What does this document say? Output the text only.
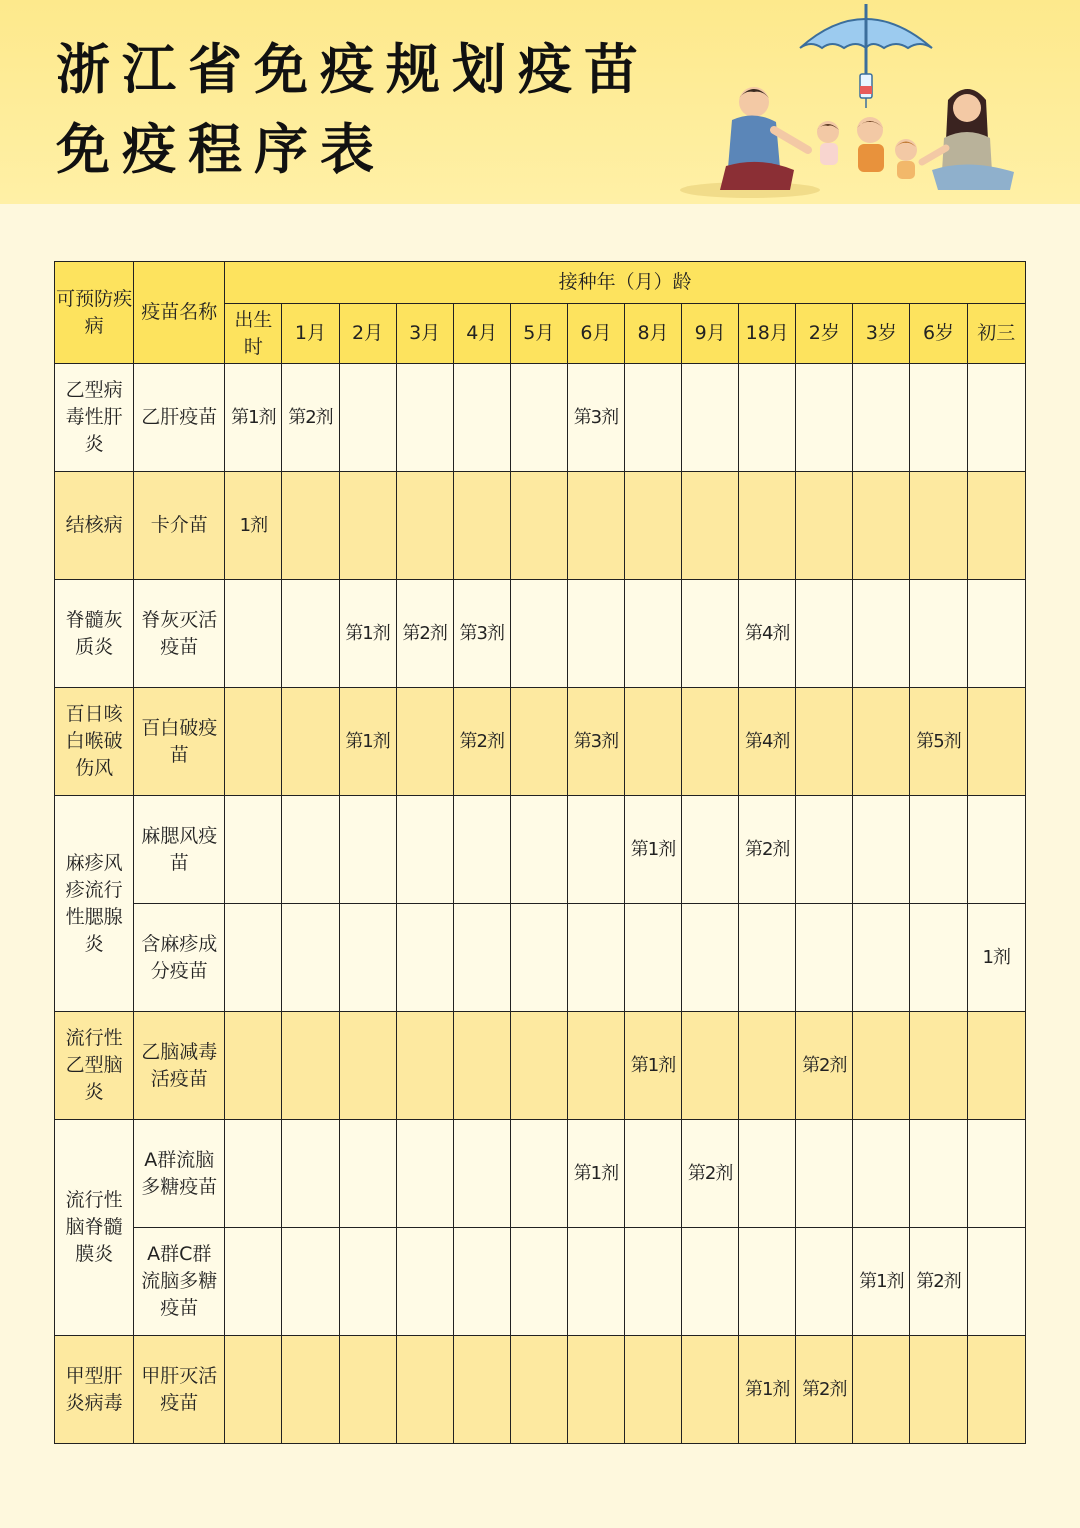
浙江省免疫规划疫苗
免疫程序表
可预防疾病	疫苗名称	接种年（月）龄													
		出生时	1月	2月	3月	4月	5月	6月	8月	9月	18月	2岁	3岁	6岁	初三
乙型病毒性肝炎	乙肝疫苗	第1剂	第2剂					第3剂							
结核病	卡介苗	1剂													
脊髓灰质炎	脊灰灭活疫苗			第1剂	第2剂	第3剂					第4剂				
百日咳白喉破伤风	百白破疫苗			第1剂		第2剂		第3剂			第4剂			第5剂	
麻疹风疹流行性腮腺炎	麻腮风疫苗								第1剂		第2剂				
	含麻疹成分疫苗														1剂
流行性乙型脑炎	乙脑减毒活疫苗								第1剂			第2剂			
流行性脑脊髓膜炎	A群流脑多糖疫苗							第1剂		第2剂					
	A群C群流脑多糖疫苗												第1剂	第2剂	
甲型肝炎病毒	甲肝灭活疫苗										第1剂	第2剂			
